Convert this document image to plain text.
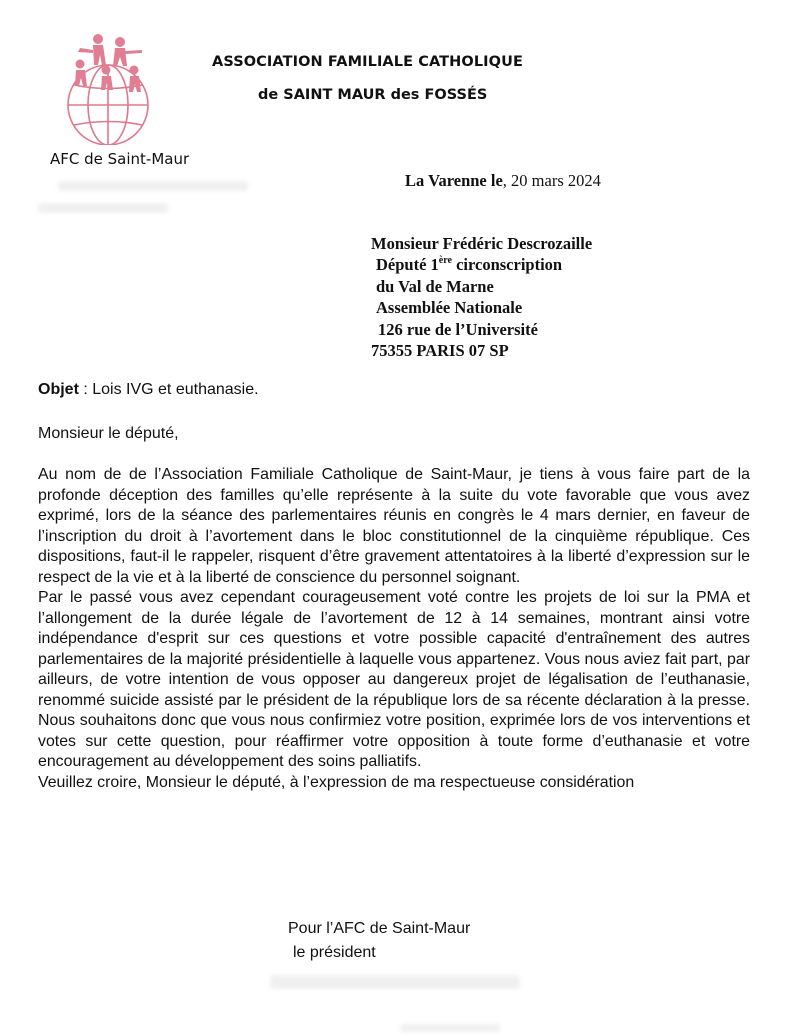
ASSOCIATION FAMILIALE CATHOLIQUE
de SAINT MAUR des FOSSÉS
AFC de Saint-Maur
La Varenne le, 20 mars 2024
Monsieur Frédéric Descrozaille
Député 1ère circonscription
du Val de Marne
Assemblée Nationale
126 rue de l’Université
75355 PARIS 07 SP
Objet : Lois IVG et euthanasie.
Monsieur le député,

Au nom de de l’Association Familiale Catholique de Saint-Maur, je tiens à vous faire part de la profonde déception des familles qu’elle représente à la suite du vote favorable que vous avez exprimé, lors de la séance des parlementaires réunis en congrès le 4 mars dernier, en faveur de l’inscription du droit à l’avortement dans le bloc constitutionnel de la cinquième république. Ces dispositions, faut-il le rappeler, risquent d’être gravement attentatoires à la liberté d’expression sur le respect de la vie et à la liberté de conscience du personnel soignant.

Par le passé vous avez cependant courageusement voté contre les projets de loi sur la PMA et l’allongement de la durée légale de l’avortement de 12 à 14 semaines, montrant ainsi votre indépendance d'esprit sur ces questions et votre possible capacité d'entraînement des autres parlementaires de la majorité présidentielle à laquelle vous appartenez. Vous nous aviez fait part, par ailleurs, de votre intention de vous opposer au dangereux projet de légalisation de l’euthanasie, renommé suicide assisté par le président de la république lors de sa récente déclaration à la presse. Nous souhaitons donc que vous nous confirmiez votre position, exprimée lors de vos interventions et votes sur cette question, pour réaffirmer votre opposition à toute forme d’euthanasie et votre encouragement au développement des soins palliatifs.

Veuillez croire, Monsieur le député, à l’expression de ma respectueuse considération

Pour l’AFC de Saint-Maur
le président
